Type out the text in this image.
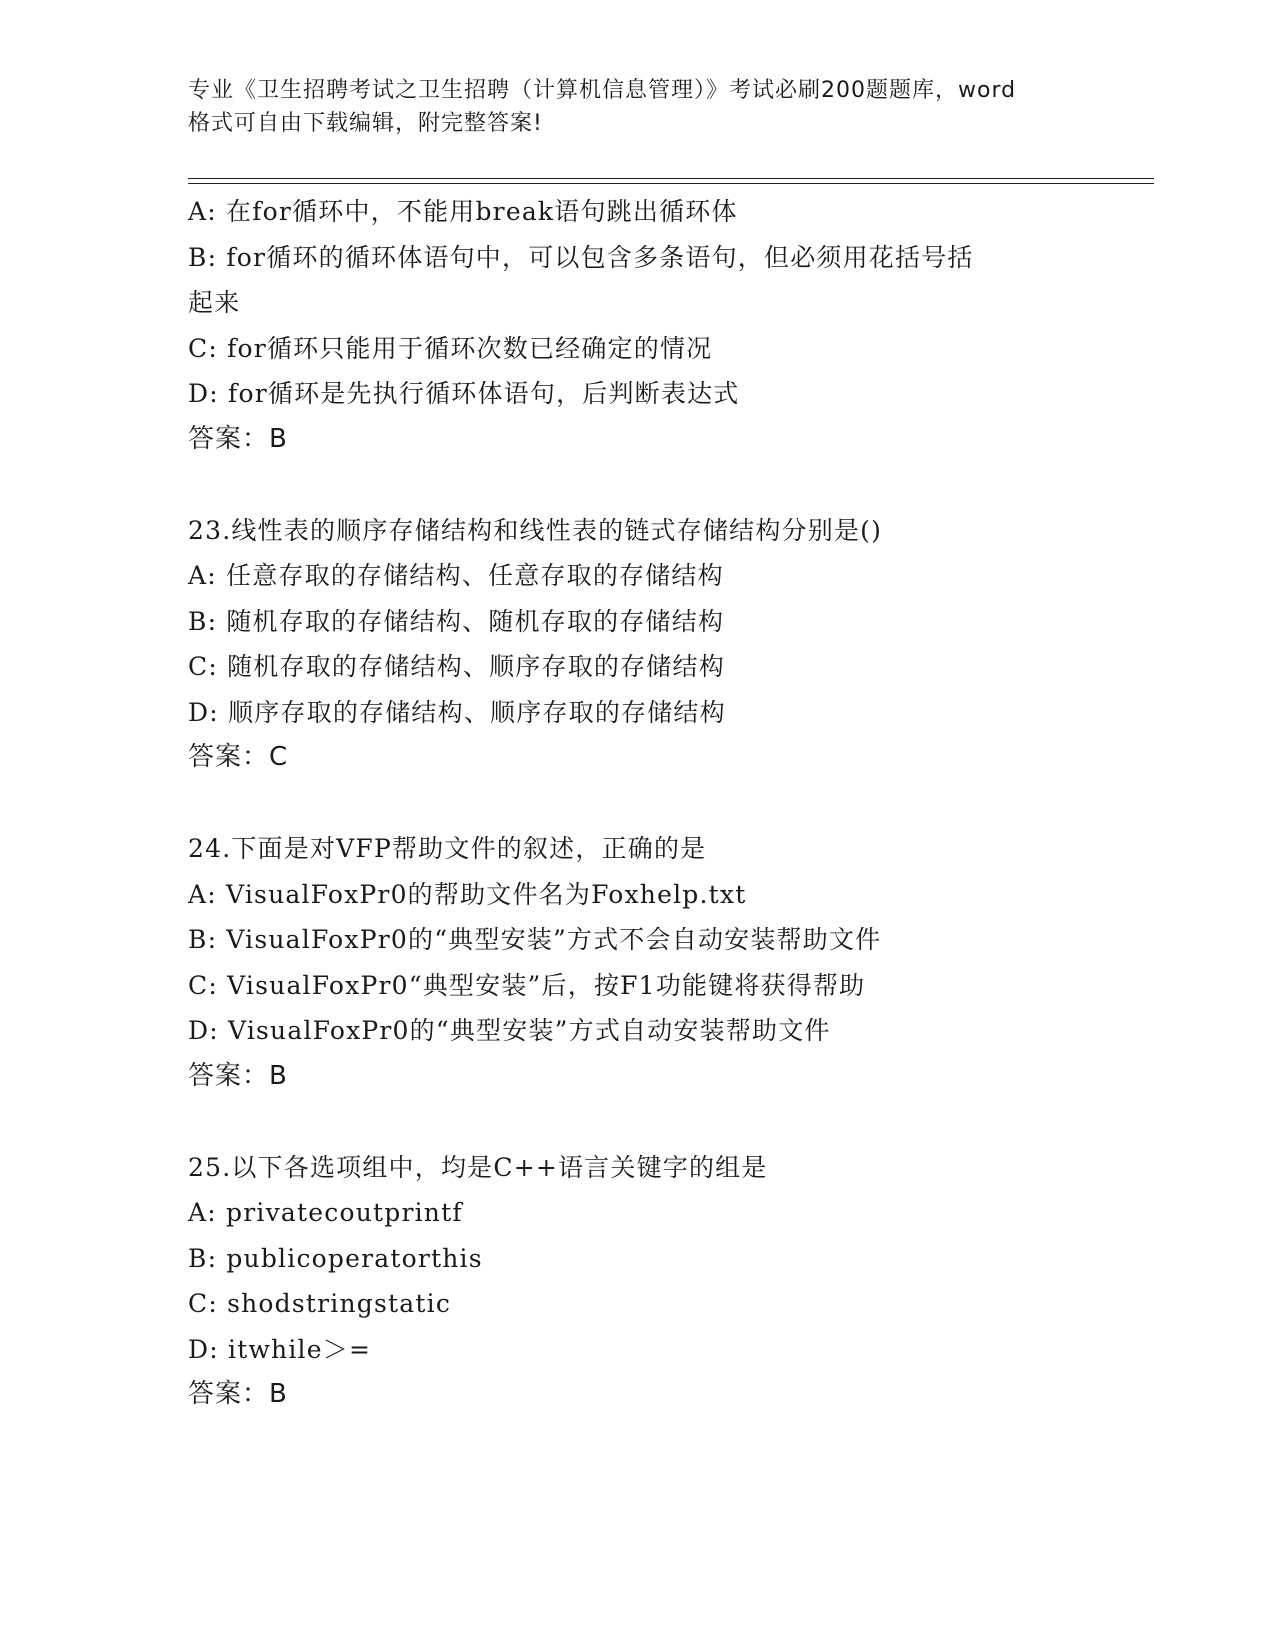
专业《卫生招聘考试之卫生招聘（计算机信息管理）》考试必刷200题题库，word
格式可自由下载编辑，附完整答案!
A: 在for循环中，不能用break语句跳出循环体
B: for循环的循环体语句中，可以包含多条语句，但必须用花括号括
起来
C: for循环只能用于循环次数已经确定的情况
D: for循环是先执行循环体语句，后判断表达式
答案：B
23.线性表的顺序存储结构和线性表的链式存储结构分别是()
A: 任意存取的存储结构、任意存取的存储结构
B: 随机存取的存储结构、随机存取的存储结构
C: 随机存取的存储结构、顺序存取的存储结构
D: 顺序存取的存储结构、顺序存取的存储结构
答案：C
24.下面是对VFP帮助文件的叙述，正确的是
A: VisualFoxPr0的帮助文件名为Foxhelp.txt
B: VisualFoxPr0的“典型安装”方式不会自动安装帮助文件
C: VisualFoxPr0“典型安装”后，按F1功能键将获得帮助
D: VisualFoxPr0的“典型安装”方式自动安装帮助文件
答案：B
25.以下各选项组中，均是C++语言关键字的组是
A: privatecoutprintf
B: publicoperatorthis
C: shodstringstatic
D: itwhile＞=
答案：B
